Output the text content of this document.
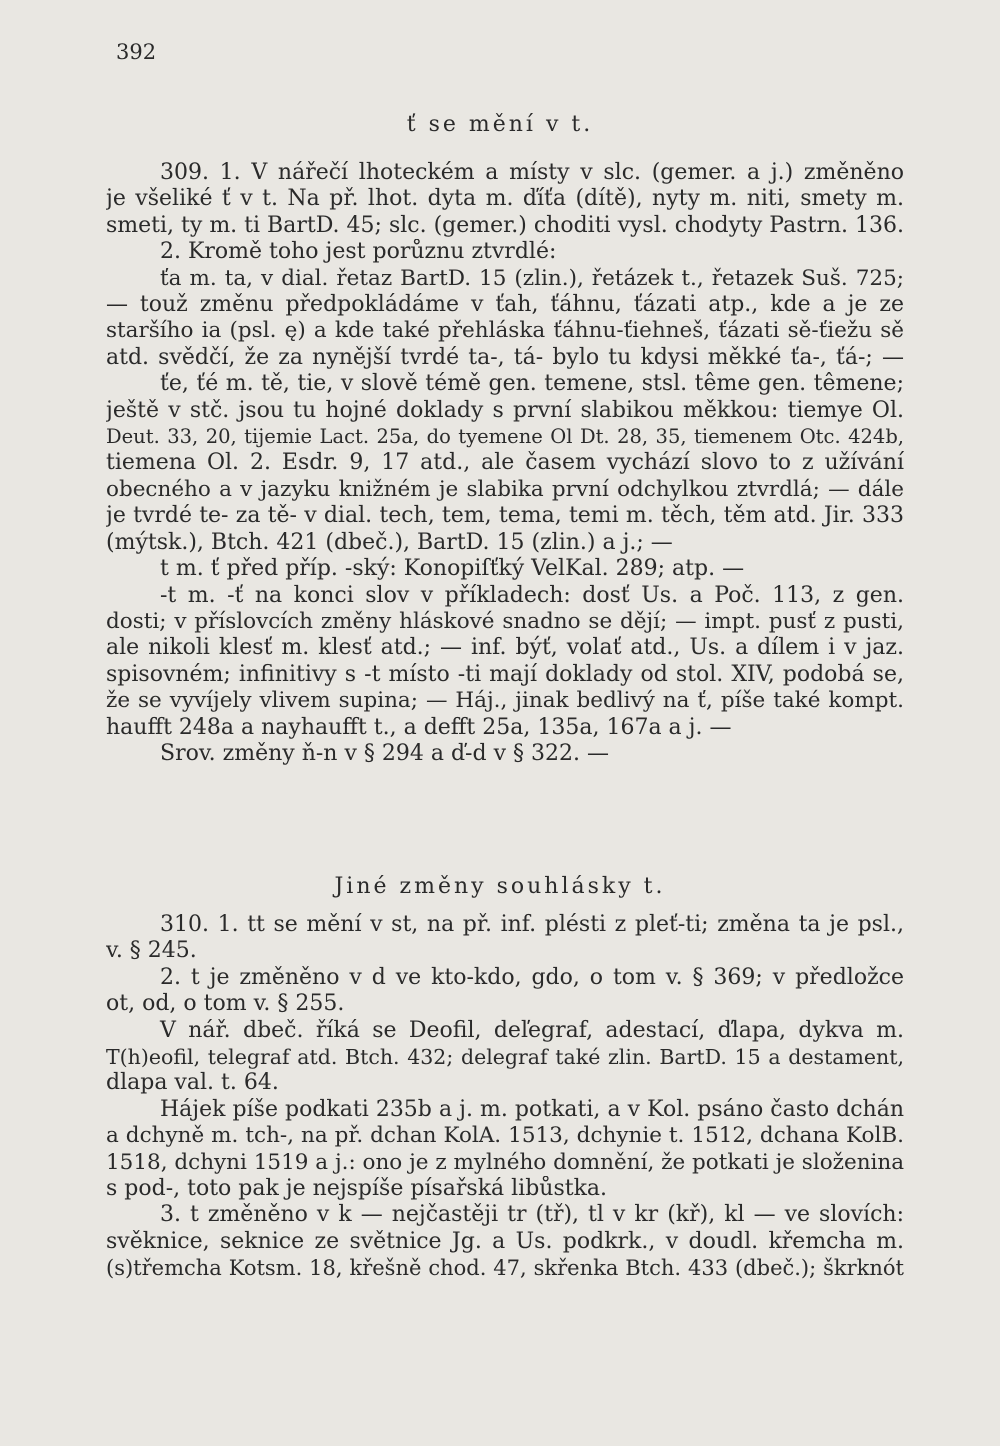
392
ť se mění v t.
309. 1. V nářečí lhoteckém a místy v slc. (gemer. a j.) změněno
je všeliké ť v t. Na př. lhot. dyta m. ďíťa (dítě), nyty m. niti, smety m.
smeti, ty m. ti BartD. 45; slc. (gemer.) choditi vysl. chodyty Pastrn. 136.
2. Kromě toho jest porůznu ztvrdlé:
ťa m. ta, v dial. řetaz BartD. 15 (zlin.), řetázek t., řetazek Suš. 725;
— touž změnu předpokládáme v ťah, ťáhnu, ťázati atp., kde a je ze
staršího ia (psl. ę) a kde také přehláska ťáhnu-ťiehneš, ťázati sě-ťiežu sě
atd. svědčí, že za nynější tvrdé ta-, tá- bylo tu kdysi měkké ťa-, ťá-; —
ťe, ťé m. tě, tie, v slově témě gen. temene, stsl. tême gen. têmene;
ještě v stč. jsou tu hojné doklady s první slabikou měkkou: tiemye Ol.
Deut. 33, 20, tijemie Lact. 25a, do tyemene Ol Dt. 28, 35, tiemenem Otc. 424b,
tiemena Ol. 2. Esdr. 9, 17 atd., ale časem vychází slovo to z užívání
obecného a v jazyku knižném je slabika první odchylkou ztvrdlá; — dále
je tvrdé te- za tě- v dial. tech, tem, tema, temi m. těch, těm atd. Jir. 333
(mýtsk.), Btch. 421 (dbeč.), BartD. 15 (zlin.) a j.; —
t m. ť před příp. -ský: Konopiſťký VelKal. 289; atp. —
-t m. -ť na konci slov v příkladech: dosť Us. a Poč. 113, z gen.
dosti; v příslovcích změny hláskové snadno se dějí; — impt. pusť z pusti,
ale nikoli klesť m. klesť atd.; — inf. býť, volať atd., Us. a dílem i v jaz.
spisovném; infinitivy s -t místo -ti mají doklady od stol. XIV, podobá se,
že se vyvíjely vlivem supina; — Háj., jinak bedlivý na ť, píše také kompt.
haufft 248a a nayhaufft t., a defft 25a, 135a, 167a a j. —
Srov. změny ň-n v § 294 a ď-d v § 322. —
Jiné změny souhlásky t.
310. 1. tt se mění v st, na př. inf. plésti z pleť-ti; změna ta je psl.,
v. § 245.
2. t je změněno v d ve kto-kdo, gdo, o tom v. § 369; v předložce
ot, od, o tom v. § 255.
V nář. dbeč. říká se Deofil, deľegraf, adestací, ďlapa, dykva m.
T(h)eofil, telegraf atd. Btch. 432; delegraf také zlin. BartD. 15 a destament,
dlapa val. t. 64.
Hájek píše podkati 235b a j. m. potkati, a v Kol. psáno často dchán
a dchyně m. tch-, na př. dchan KolA. 1513, dchynie t. 1512, dchana KolB.
1518, dchyni 1519 a j.: ono je z mylného domnění, že potkati je složenina
s pod-, toto pak je nejspíše písařská libůstka.
3. t změněno v k — nejčastěji tr (tř), tl v kr (kř), kl — ve slovích:
svěknice, seknice ze světnice Jg. a Us. podkrk., v doudl. křemcha m.
(s)třemcha Kotsm. 18, křešně chod. 47, skřenka Btch. 433 (dbeč.); škrknót
